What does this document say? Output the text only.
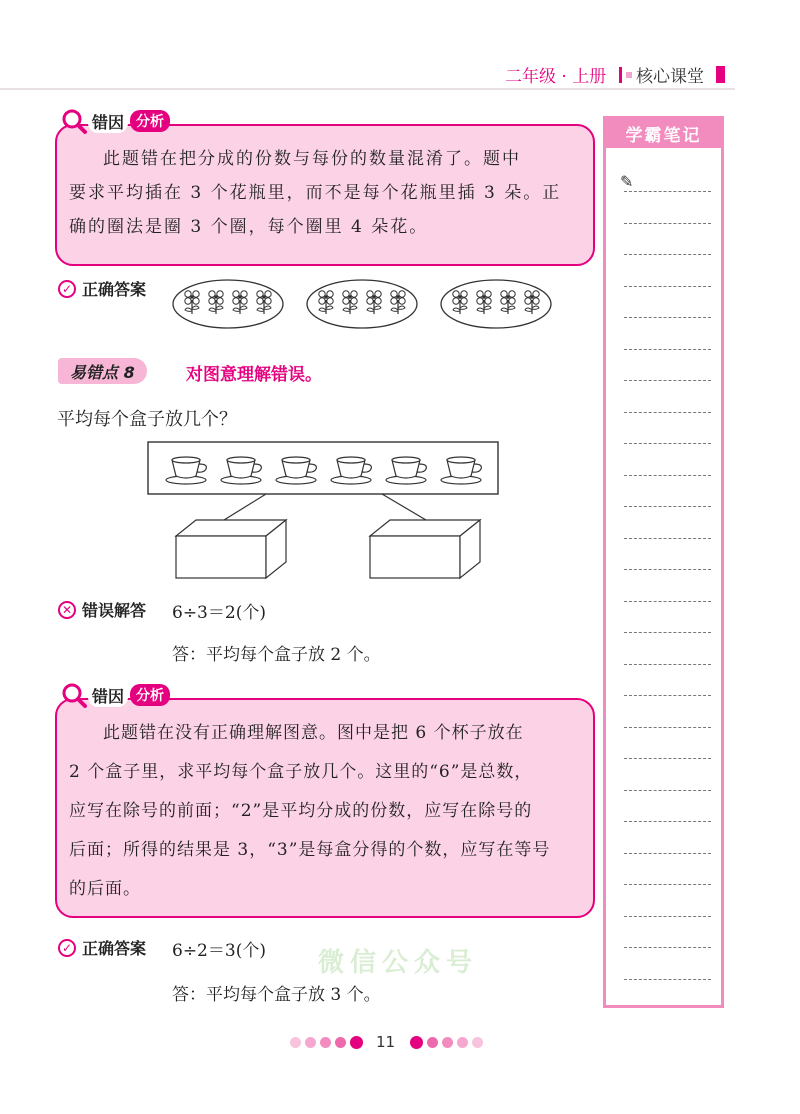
二年级 · 上册 核心课堂
此题错在把分成的份数与每份的数量混淆了。题中
要求平均插在 3 个花瓶里，而不是每个花瓶里插 3 朵。正
确的圈法是圈 3 个圈，每个圈里 4 朵花。
错因 分析
✓ 正确答案
易错点 8	对图意理解错误。
平均每个盒子放几个？
✕ 错误解答 6÷3＝2(个)
答：平均每个盒子放 2 个。
此题错在没有正确理解图意。图中是把 6 个杯子放在
2 个盒子里，求平均每个盒子放几个。这里的“6”是总数，
应写在除号的前面；“2”是平均分成的份数，应写在除号的
后面；所得的结果是 3，“3”是每盒分得的个数，应写在等号
的后面。
错因 分析
微信公众号
✓ 正确答案 6÷2＝3(个)
答：平均每个盒子放 3 个。
学霸笔记
✎
11
